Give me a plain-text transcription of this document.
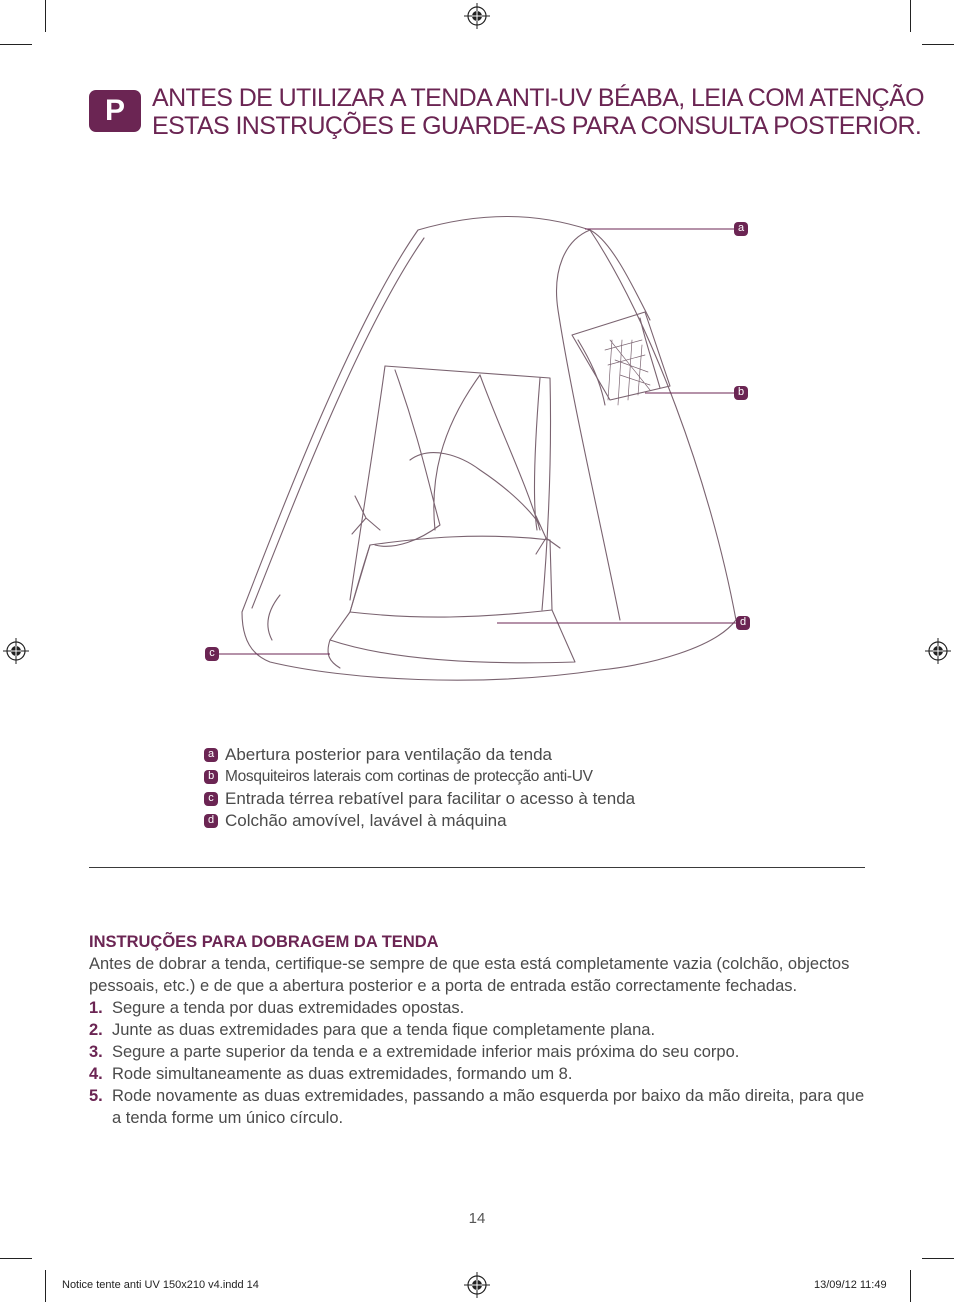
P	ANTES DE UTILIZAR A TENDA ANTI-UV BÉABA, LEIA COM ATENÇÃO
ESTAS INSTRUÇÕES E GUARDE-AS PARA CONSULTA POSTERIOR.
a
b
c
d
a Abertura posterior para ventilação da tenda
b Mosquiteiros laterais com cortinas de protecção anti-UV
c Entrada térrea rebatível para facilitar o acesso à tenda
d Colchão amovível, lavável à máquina
INSTRUÇÕES PARA DOBRAGEM DA TENDA
Antes de dobrar a tenda, certifique-se sempre de que esta está completamente vazia (colchão, objectos pessoais, etc.) e de que a abertura posterior e a porta de entrada estão correctamente fechadas.
1. Segure a tenda por duas extremidades opostas.
2. Junte as duas extremidades para que a tenda fique completamente plana.
3. Segure a parte superior da tenda e a extremidade inferior mais próxima do seu corpo.
4. Rode simultaneamente as duas extremidades, formando um 8.
5. Rode novamente as duas extremidades, passando a mão esquerda por baixo da mão direita, para que a tenda forme um único círculo.
14
Notice tente anti UV 150x210 v4.indd 14	13/09/12 11:49
